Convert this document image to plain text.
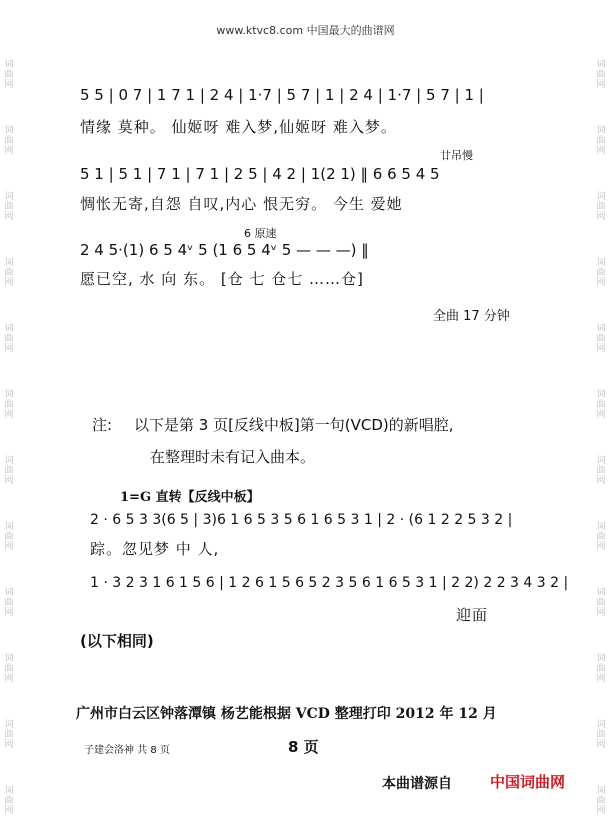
词
曲
网
词
曲
网
词
曲
网
词
曲
网
词
曲
网
词
曲
网
词
曲
网
词
曲
网
词
曲
网
词
曲
网
词
曲
网
词
曲
网
词
曲
网
词
曲
网
词
曲
网
词
曲
网
词
曲
网
词
曲
网
词
曲
网
词
曲
网
词
曲
网
词
曲
网
词
曲
网
词
曲
网
www.ktvc8.com 中国最大的曲谱网
5 5 | 0 7 | 1 7 1 | 2 4 | 1·7 | 5 7 | 1 | 2 4 | 1·7 | 5 7 | 1 |
情缘 莫种。 仙姬呀 难入梦,仙姬呀 难入梦。
廿吊慢
5 1 | 5 1 | 7 1 | 7 1 | 2 5 | 4 2 | 1(2 1) ‖ 6 6 5 4 5
惆怅无寄,自怨 自叹,内心 恨无穷。 今生 爱她
6 原速
2 4 5·(1) 6 5 4ᵛ 5 (1 6 5 4ᵛ 5 — — —) ‖
愿已空, 水 向 东。 [仓 七 仓七 ……仓]
全曲 17 分钟
注: 以下是第 3 页[反线中板]第一句(VCD)的新唱腔,
在整理时未有记入曲本。
1=G 直转【反线中板】
2 · 6 5 3 3(6 5 | 3)6 1 6 5 3 5 6 1 6 5 3 1 | 2 · (6 1 2 2 5 3 2 |
踪。忽见梦 中 人,
1 · 3 2 3 1 6 1 5 6 | 1 2 6 1 5 6 5 2 3 5 6 1 6 5 3 1 | 2 2) 2 2 3 4 3 2 |
迎面
(以下相同)
广州市白云区钟落潭镇 杨艺能根据 VCD 整理打印 2012 年 12 月
子建会洛神 共 8 页	8 页
本曲谱源自	中国词曲网
